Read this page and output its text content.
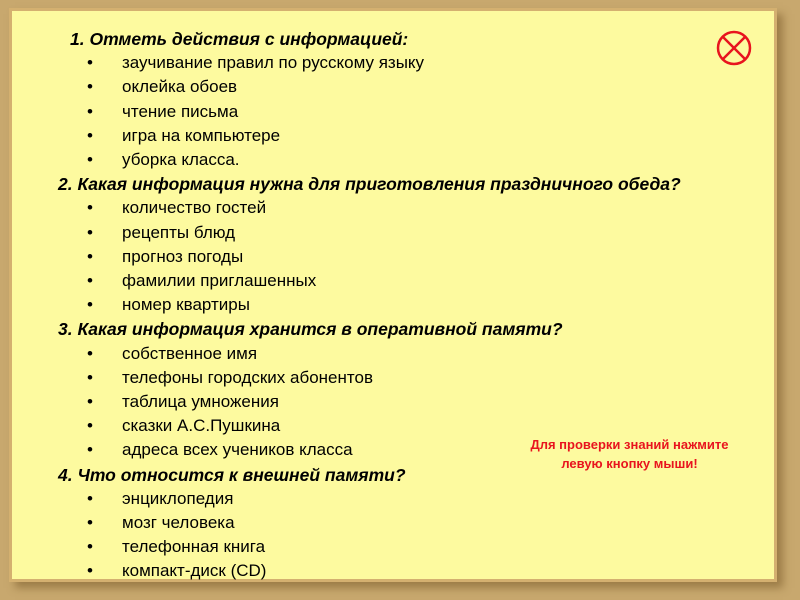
1. Отметь действия с информацией:
• заучивание правил по русскому языку
• оклейка обоев
• чтение письма
• игра на компьютере
• уборка класса.
2. Какая информация нужна для приготовления праздничного обеда?
• количество гостей
• рецепты блюд
• прогноз погоды
• фамилии приглашенных
• номер квартиры
3. Какая информация хранится в оперативной памяти?
• собственное имя
• телефоны городских абонентов
• таблица умножения
• сказки А.С.Пушкина
• адреса всех учеников класса
4. Что относится к внешней памяти?
• энциклопедия
• мозг человека
• телефонная книга
• компакт-диск (CD)
Для проверки знаний нажмите
левую кнопку мыши!
